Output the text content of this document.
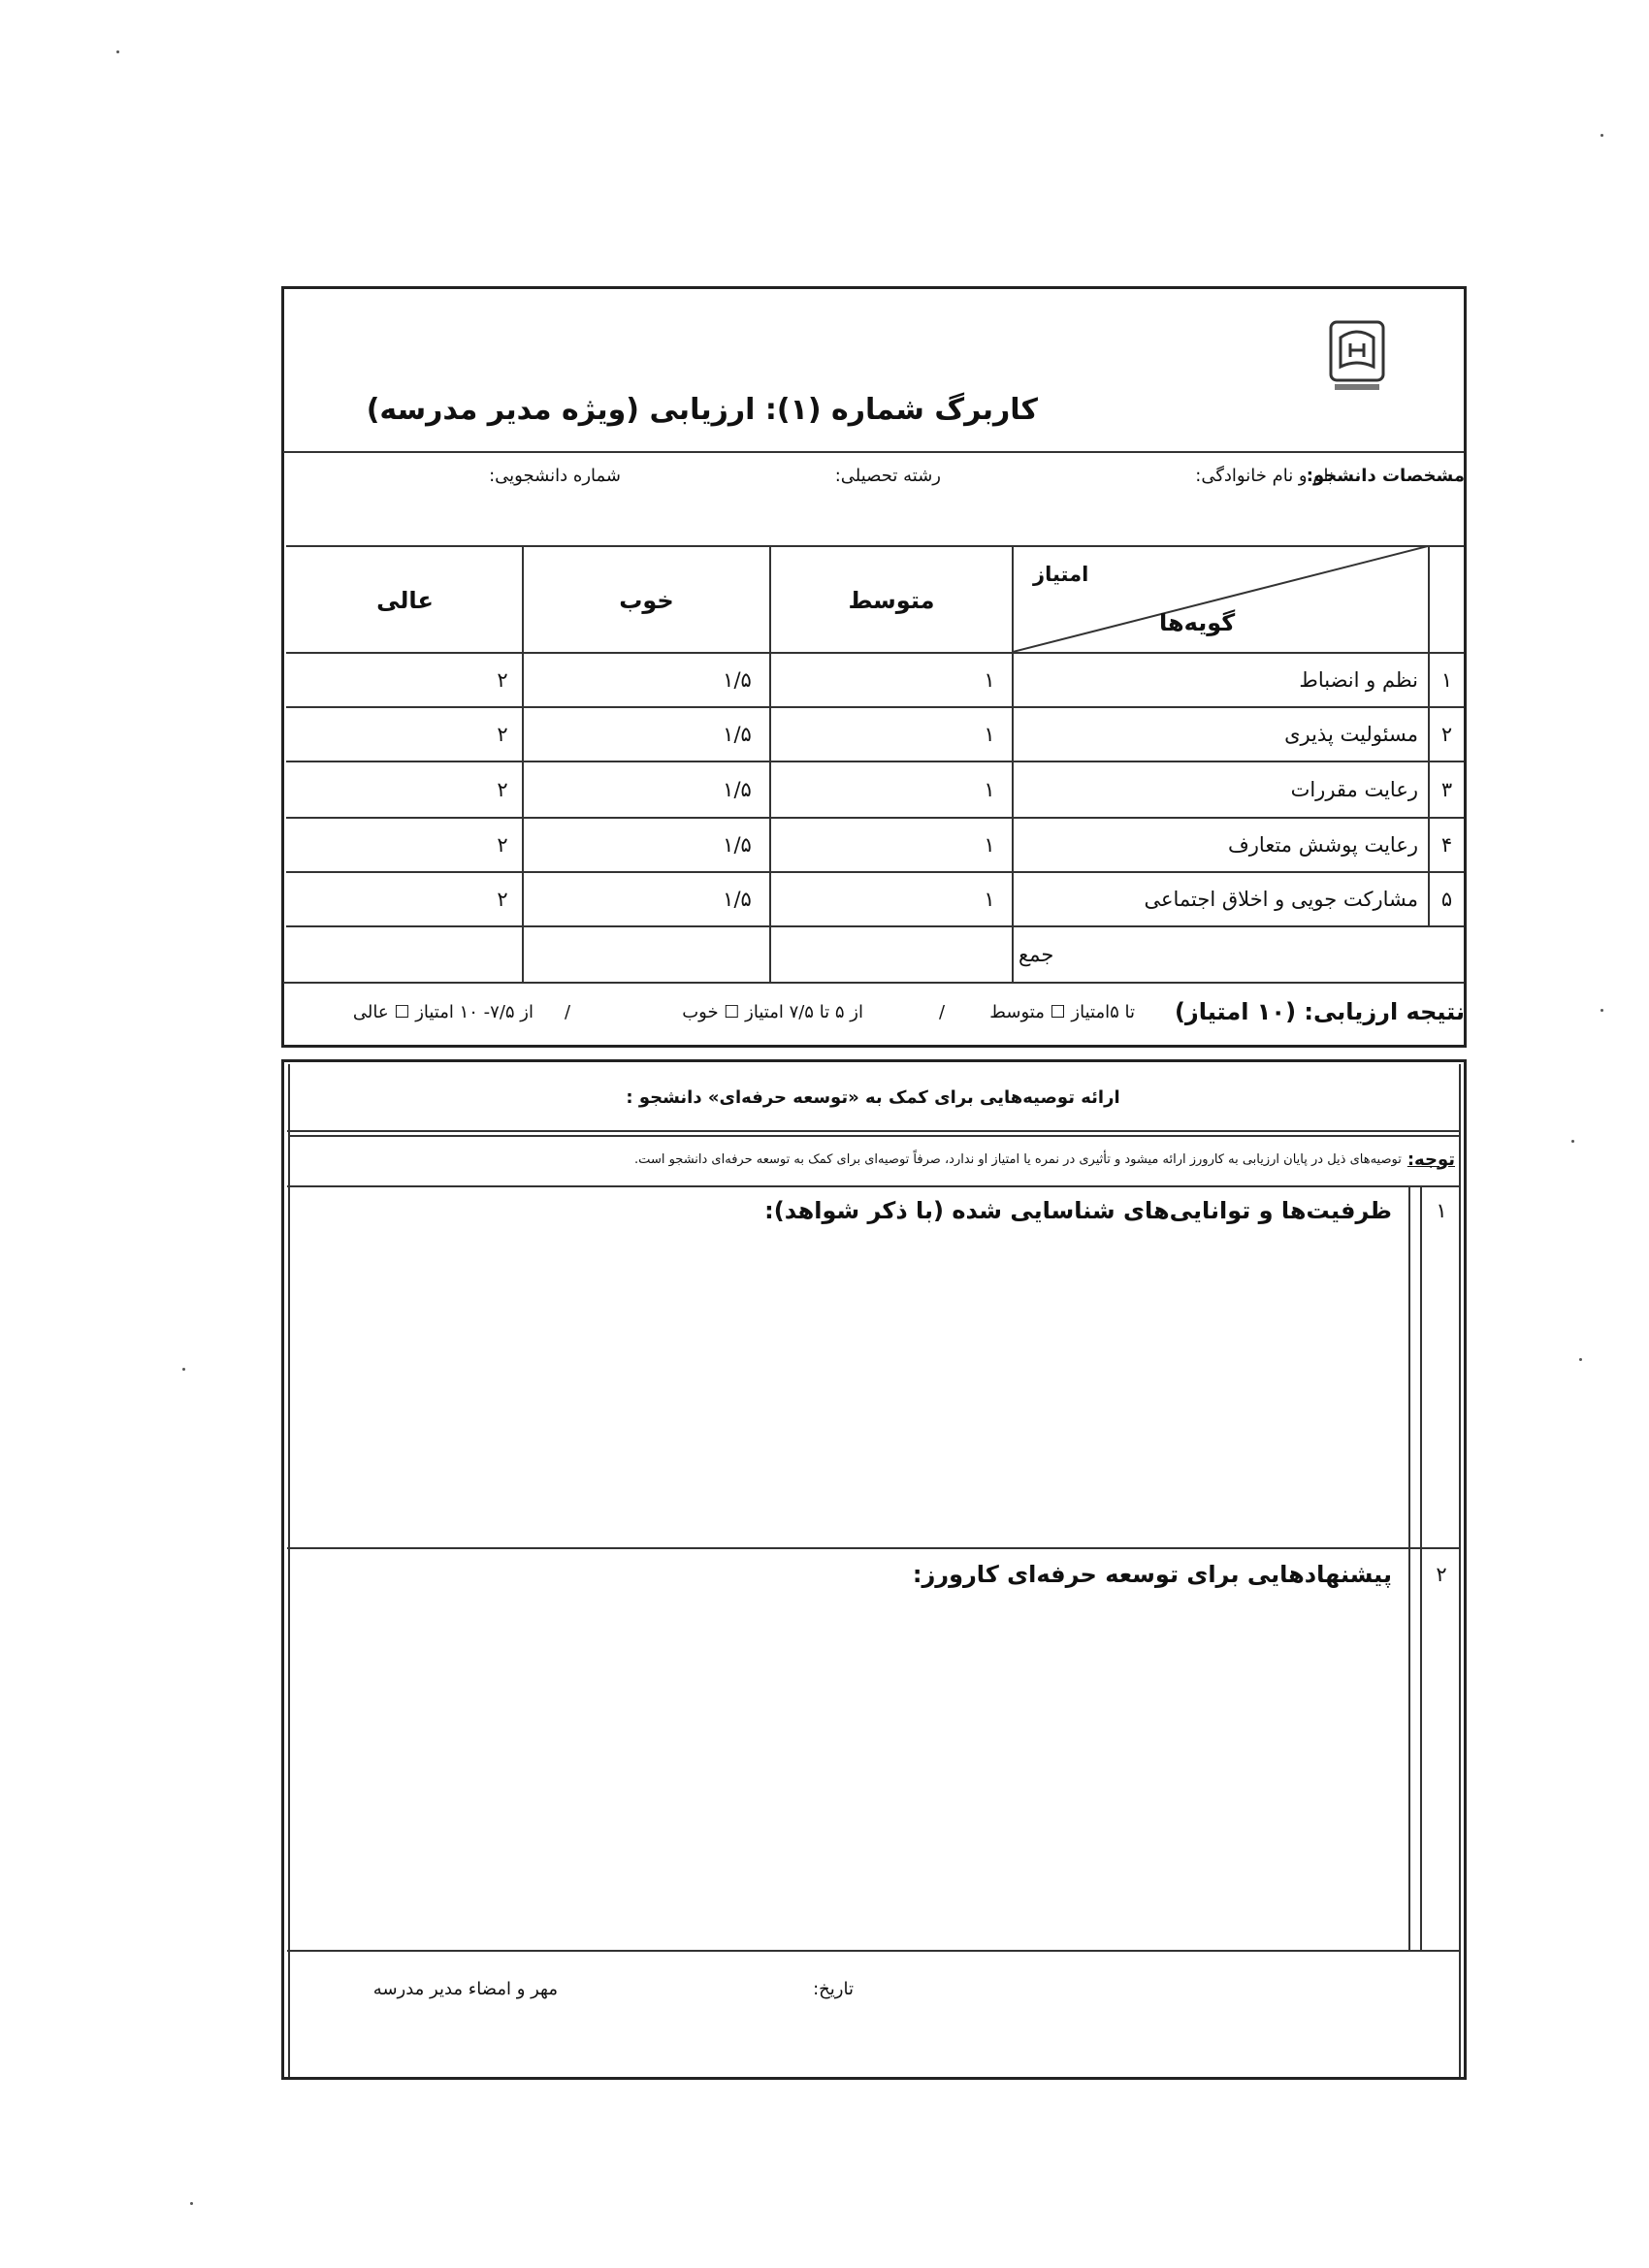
کاربرگ شماره (۱): ارزیابی (ویژه مدیر مدرسه)
مشخصات دانشجو:
نام و نام خانوادگی:
رشته تحصیلی:
شماره دانشجویی:
امتیاز
گویه‌ها
متوسط
خوب
عالی
۱
نظم و انضباط
۱
۱/۵
۲
۲
مسئولیت پذیری
۱
۱/۵
۲
۳
رعایت مقررات
۱
۱/۵
۲
۴
رعایت پوشش متعارف
۱
۱/۵
۲
۵
مشارکت جویی و اخلاق اجتماعی
۱
۱/۵
۲
جمع
نتیجه ارزیابی: (۱۰ امتیاز)
تا ۵امتیاز ☐ متوسط
/
از ۵ تا ۷/۵ امتیاز ☐ خوب
/
از ۷/۵- ۱۰ امتیاز ☐ عالی
ارائه توصیه‌هایی برای کمک به «توسعه حرفه‌ای» دانشجو :
توجه:
توصیه‌های ذیل در پایان ارزیابی به کارورز ارائه میشود و تأثیری در نمره یا امتیاز او ندارد، صرفاً توصیه‌ای برای کمک به توسعه حرفه‌ای دانشجو است.
۱
ظرفیت‌ها و توانایی‌های شناسایی شده (با ذکر شواهد):
۲
پیشنهادهایی برای توسعه حرفه‌ای کارورز:
تاریخ:
مهر و امضاء مدیر مدرسه
